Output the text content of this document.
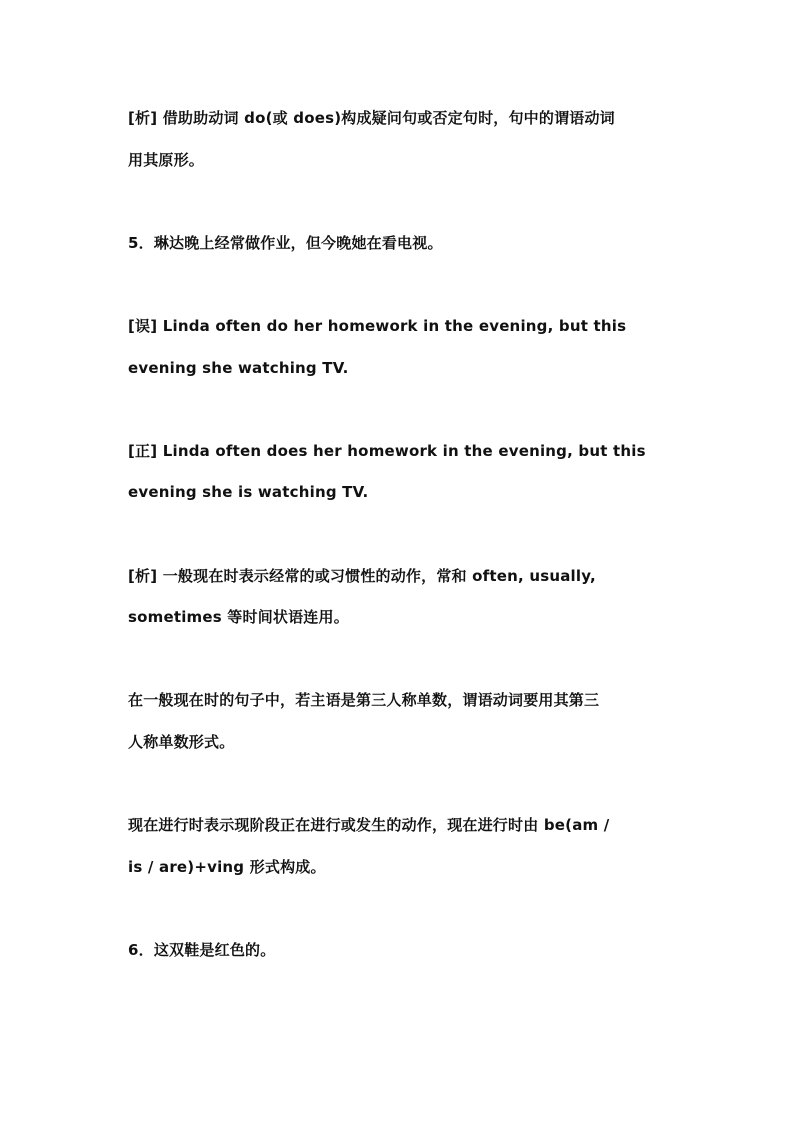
[析] 借助助动词 do(或 does)构成疑问句或否定句时，句中的谓语动词
用其原形。
5．琳达晚上经常做作业，但今晚她在看电视。
[误] Linda often do her homework in the evening, but this
evening she watching TV.
[正] Linda often does her homework in the evening, but this
evening she is watching TV.
[析] 一般现在时表示经常的或习惯性的动作，常和 often, usually,
sometimes 等时间状语连用。
在一般现在时的句子中，若主语是第三人称单数，谓语动词要用其第三
人称单数形式。
现在进行时表示现阶段正在进行或发生的动作，现在进行时由 be(am /
is / are)+ving 形式构成。
6．这双鞋是红色的。
